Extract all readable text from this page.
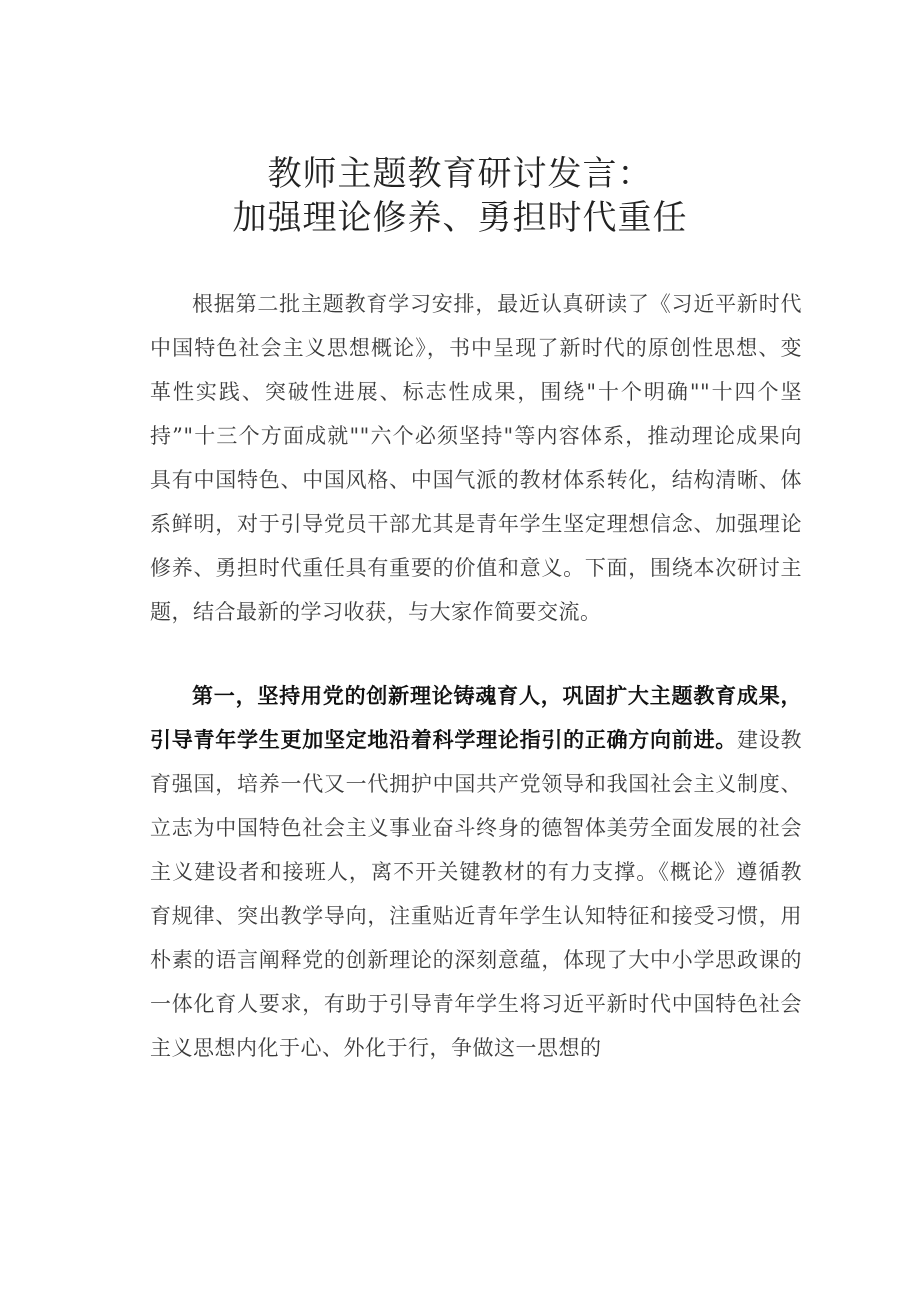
教师主题教育研讨发言：
加强理论修养、勇担时代重任

根据第二批主题教育学习安排，最近认真研读了《习近平新时代中国特色社会主义思想概论》，书中呈现了新时代的原创性思想、变革性实践、突破性进展、标志性成果，围绕"十个明确""十四个坚持”"十三个方面成就""六个必须坚持"等内容体系，推动理论成果向具有中国特色、中国风格、中国气派的教材体系转化，结构清晰、体系鲜明，对于引导党员干部尤其是青年学生坚定理想信念、加强理论修养、勇担时代重任具有重要的价值和意义。下面，围绕本次研讨主题，结合最新的学习收获，与大家作简要交流。

第一，坚持用党的创新理论铸魂育人，巩固扩大主题教育成果，引导青年学生更加坚定地沿着科学理论指引的正确方向前进。建设教育强国，培养一代又一代拥护中国共产党领导和我国社会主义制度、立志为中国特色社会主义事业奋斗终身的德智体美劳全面发展的社会主义建设者和接班人，离不开关键教材的有力支撑。《概论》遵循教育规律、突出教学导向，注重贴近青年学生认知特征和接受习惯，用朴素的语言阐释党的创新理论的深刻意蕴，体现了大中小学思政课的一体化育人要求，有助于引导青年学生将习近平新时代中国特色社会主义思想内化于心、外化于行，争做这一思想的
